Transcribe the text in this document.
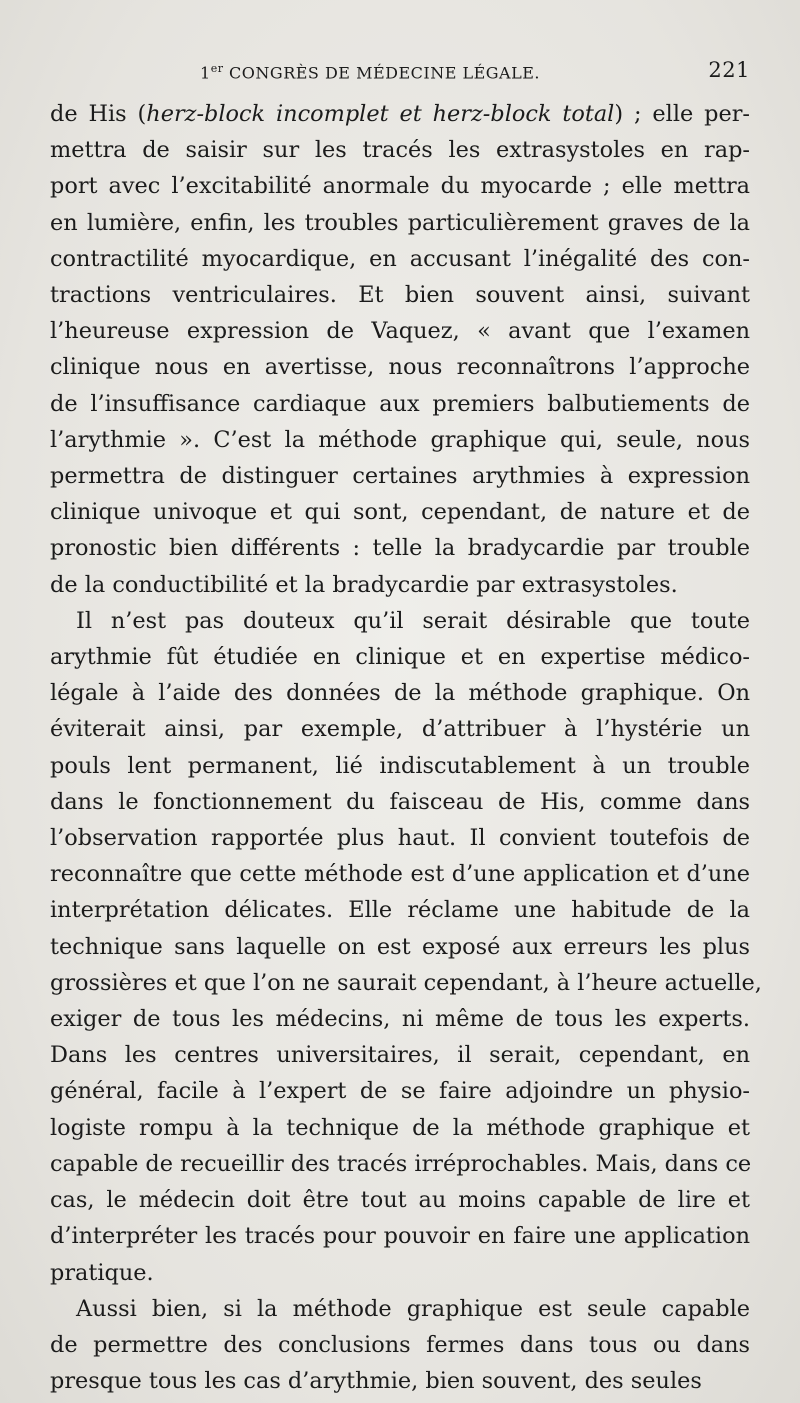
1er CONGRÈS DE MÉDECINE LÉGALE.	221
de His (herz-block incomplet et herz-block total) ; elle per-
mettra de saisir sur les tracés les extrasystoles en rap-
port avec l’excitabilité anormale du myocarde ; elle mettra
en lumière, enfin, les troubles particulièrement graves de la
contractilité myocardique, en accusant l’inégalité des con-
tractions ventriculaires. Et bien souvent ainsi, suivant
l’heureuse expression de Vaquez, « avant que l’examen
clinique nous en avertisse, nous reconnaîtrons l’approche
de l’insuffisance cardiaque aux premiers balbutiements de
l’arythmie ». C’est la méthode graphique qui, seule, nous
permettra de distinguer certaines arythmies à expression
clinique univoque et qui sont, cependant, de nature et de
pronostic bien différents : telle la bradycardie par trouble
de la conductibilité et la bradycardie par extrasystoles.
Il n’est pas douteux qu’il serait désirable que toute
arythmie fût étudiée en clinique et en expertise médico-
légale à l’aide des données de la méthode graphique. On
éviterait ainsi, par exemple, d’attribuer à l’hystérie un
pouls lent permanent, lié indiscutablement à un trouble
dans le fonctionnement du faisceau de His, comme dans
l’observation rapportée plus haut. Il convient toutefois de
reconnaître que cette méthode est d’une application et d’une
interprétation délicates. Elle réclame une habitude de la
technique sans laquelle on est exposé aux erreurs les plus
grossières et que l’on ne saurait cependant, à l’heure actuelle,
exiger de tous les médecins, ni même de tous les experts.
Dans les centres universitaires, il serait, cependant, en
général, facile à l’expert de se faire adjoindre un physio-
logiste rompu à la technique de la méthode graphique et
capable de recueillir des tracés irréprochables. Mais, dans ce
cas, le médecin doit être tout au moins capable de lire et
d’interpréter les tracés pour pouvoir en faire une application
pratique.
Aussi bien, si la méthode graphique est seule capable
de permettre des conclusions fermes dans tous ou dans
presque tous les cas d’arythmie, bien souvent, des seules
